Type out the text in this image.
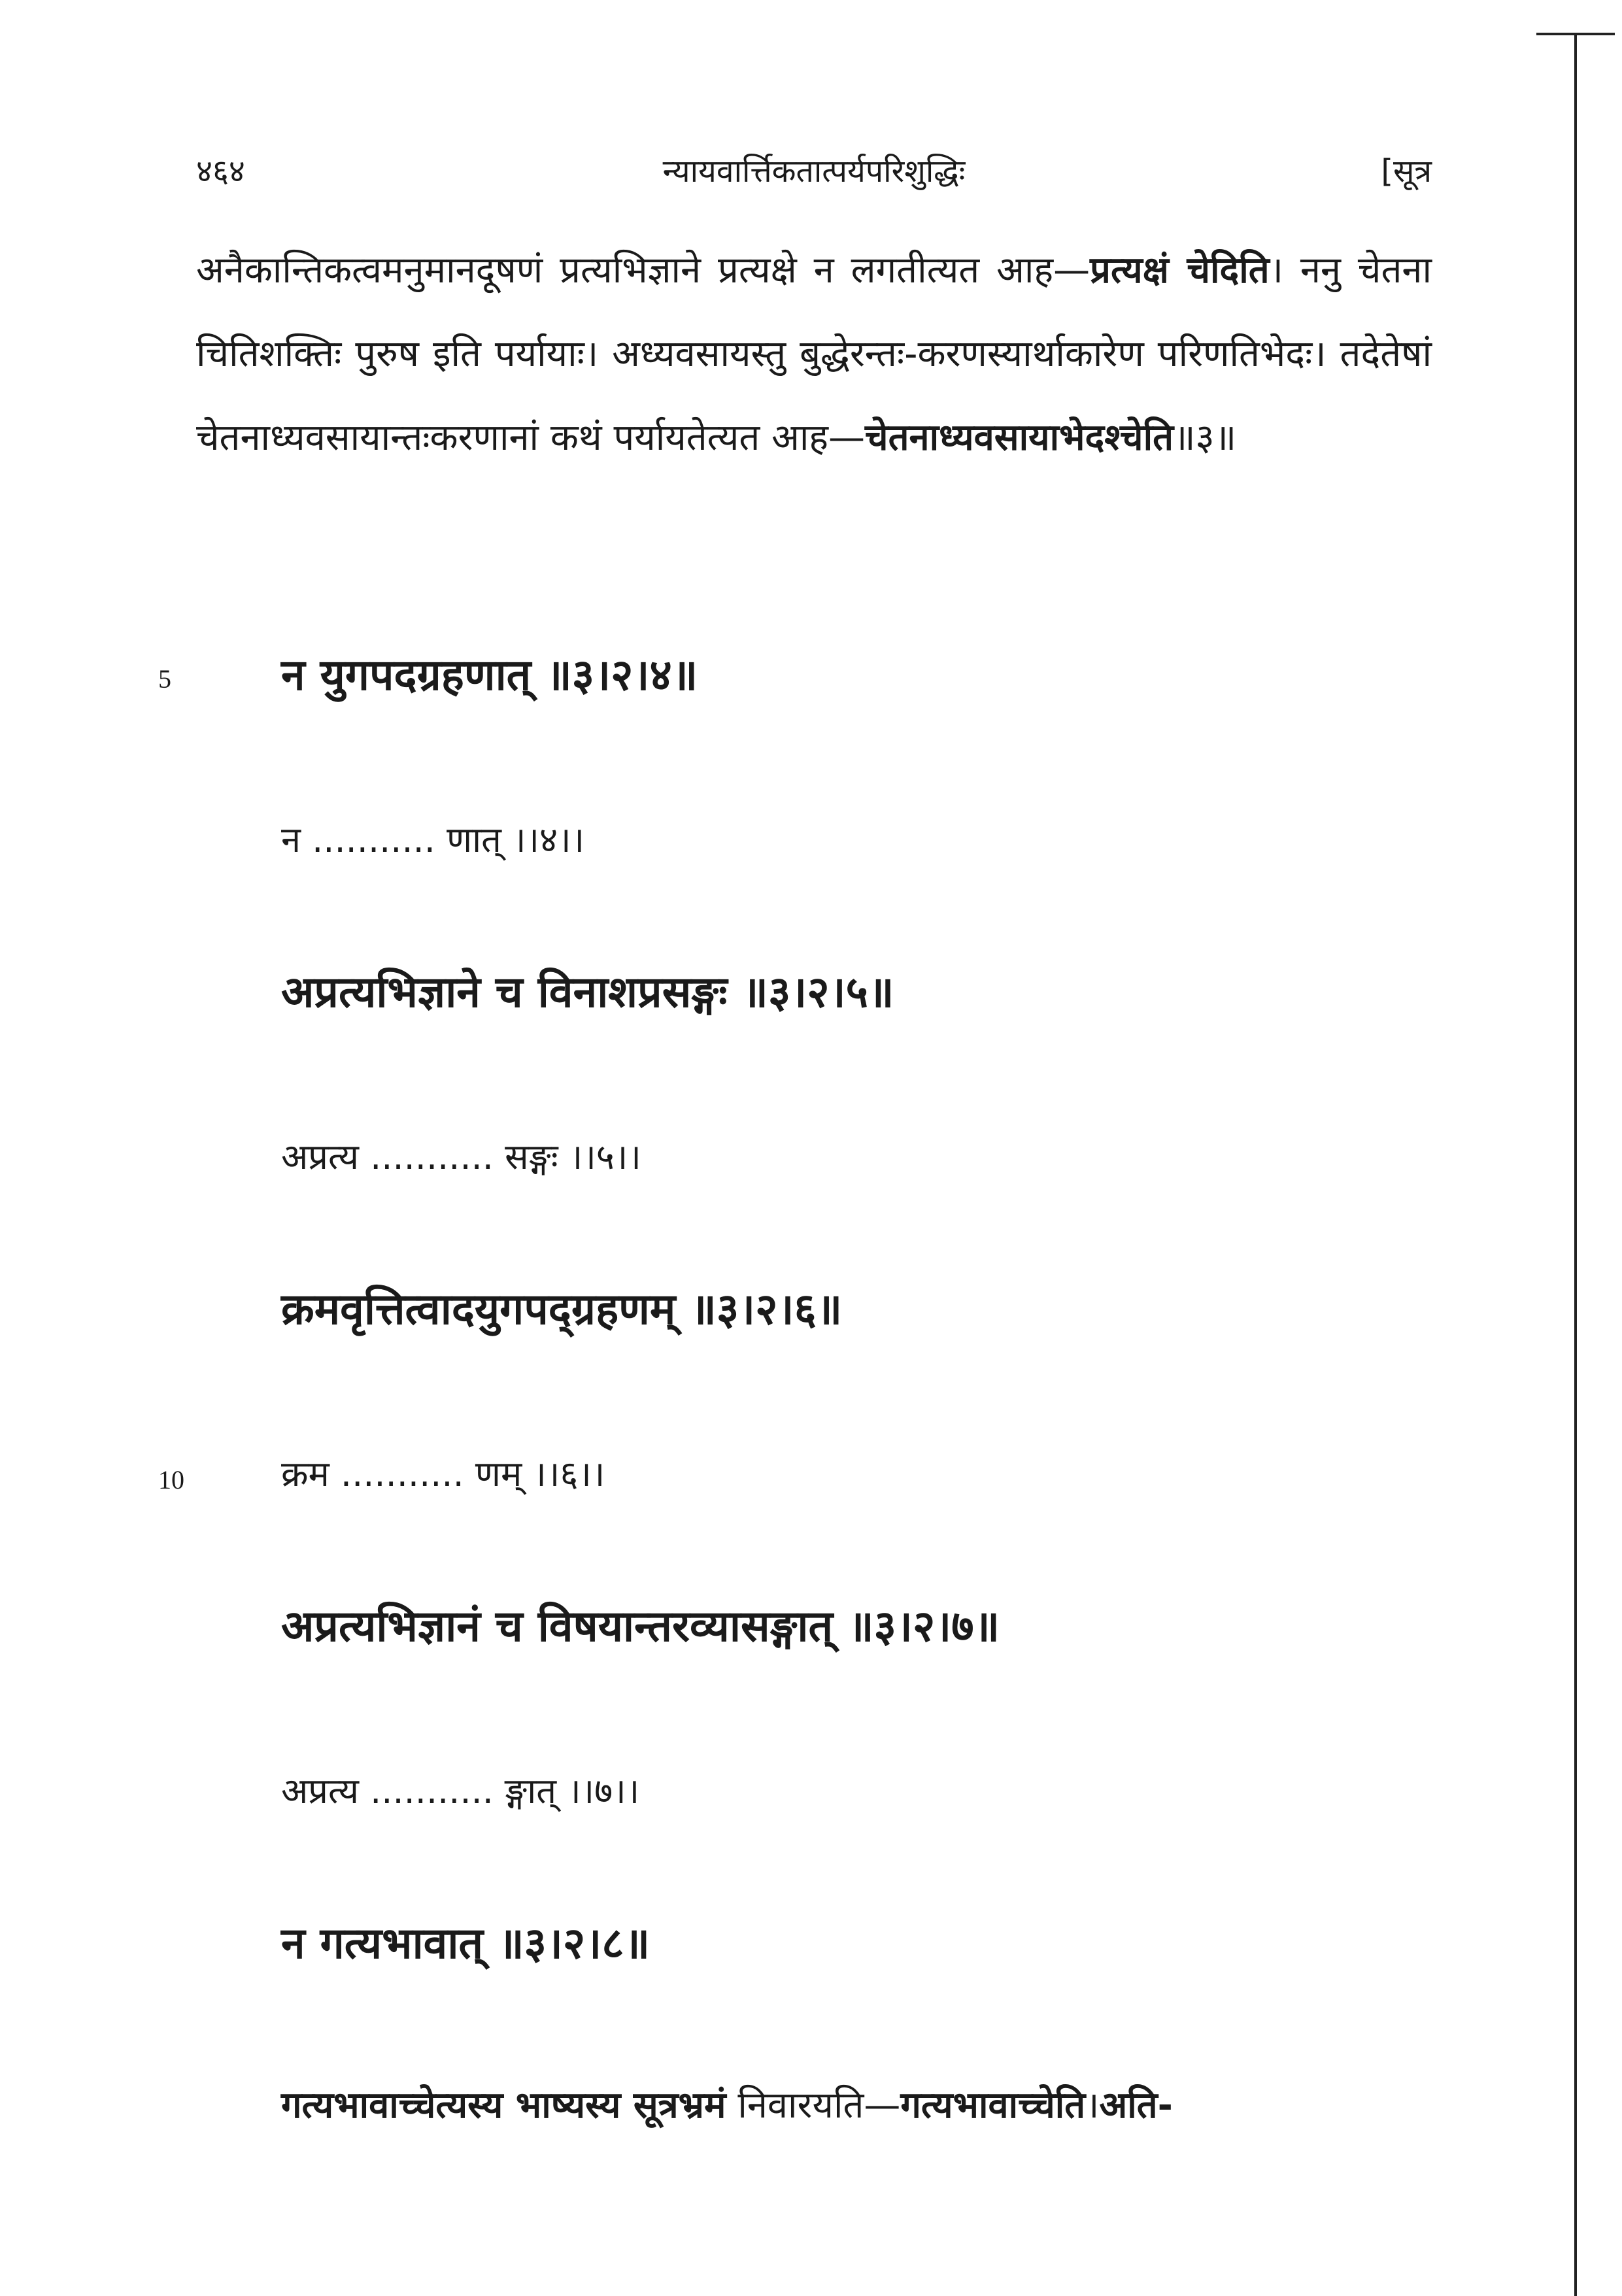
४६४	न्यायवार्त्तिकतात्पर्यपरिशुद्धिः	[सूत्र
अनैकान्तिकत्वमनुमानदूषणं प्रत्यभिज्ञाने प्रत्यक्षे न लगतीत्यत आह—प्रत्यक्षं चेदिति। ननु चेतना चितिशक्तिः पुरुष इति पर्यायाः। अध्यवसायस्तु बुद्धेरन्तः-करणस्यार्थाकारेण परिणतिभेदः। तदेतेषां चेतनाध्यवसायान्तःकरणानां कथं पर्यायतेत्यत आह—चेतनाध्यवसायाभेदश्चेति॥३॥
5	न युगपदग्रहणात् ॥३।२।४॥
न ........... णात् ।।४।।
अप्रत्यभिज्ञाने च विनाशप्रसङ्गः ॥३।२।५॥
अप्रत्य ........... सङ्गः ।।५।।
क्रमवृत्तित्वादयुगपद्ग्रहणम् ॥३।२।६॥
10	क्रम ........... णम् ।।६।।
अप्रत्यभिज्ञानं च विषयान्तरव्यासङ्गात् ॥३।२।७॥
अप्रत्य ........... ङ्गात् ।।७।।
न गत्यभावात् ॥३।२।८॥
गत्यभावाच्चेत्यस्य भाष्यस्य सूत्रभ्रमं निवारयति—गत्यभावाच्चेति।अति-
